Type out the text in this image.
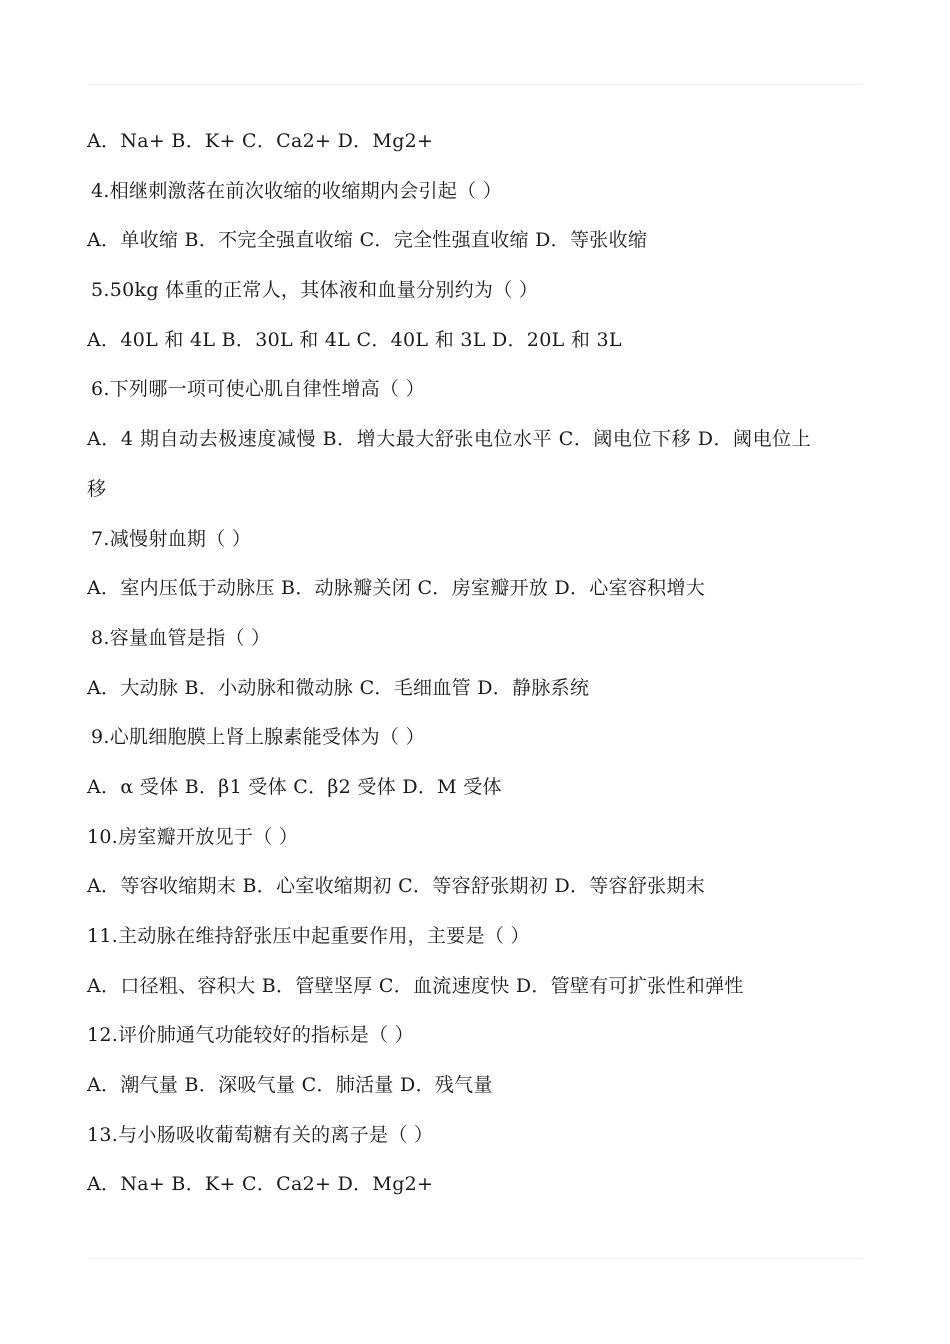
A．Na+ B．K+ C．Ca2+ D．Mg2+
4.相继刺激落在前次收缩的收缩期内会引起（ ）
A．单收缩 B．不完全强直收缩 C．完全性强直收缩 D．等张收缩
5.50kg 体重的正常人，其体液和血量分别约为（ ）
A．40L 和 4L B．30L 和 4L C．40L 和 3L D．20L 和 3L
6.下列哪一项可使心肌自律性增高（ ）
A．4 期自动去极速度减慢 B．增大最大舒张电位水平 C．阈电位下移 D．阈电位上
移
7.减慢射血期（ ）
A．室内压低于动脉压 B．动脉瓣关闭 C．房室瓣开放 D．心室容积增大
8.容量血管是指（ ）
A．大动脉 B．小动脉和微动脉 C．毛细血管 D．静脉系统
9.心肌细胞膜上肾上腺素能受体为（ ）
A．α 受体 B．β1 受体 C．β2 受体 D．M 受体
10.房室瓣开放见于（ ）
A．等容收缩期末 B．心室收缩期初 C．等容舒张期初 D．等容舒张期末
11.主动脉在维持舒张压中起重要作用，主要是（ ）
A．口径粗、容积大 B．管壁坚厚 C．血流速度快 D．管壁有可扩张性和弹性
12.评价肺通气功能较好的指标是（ ）
A．潮气量 B．深吸气量 C．肺活量 D．残气量
13.与小肠吸收葡萄糖有关的离子是（ ）
A．Na+ B．K+ C．Ca2+ D．Mg2+
